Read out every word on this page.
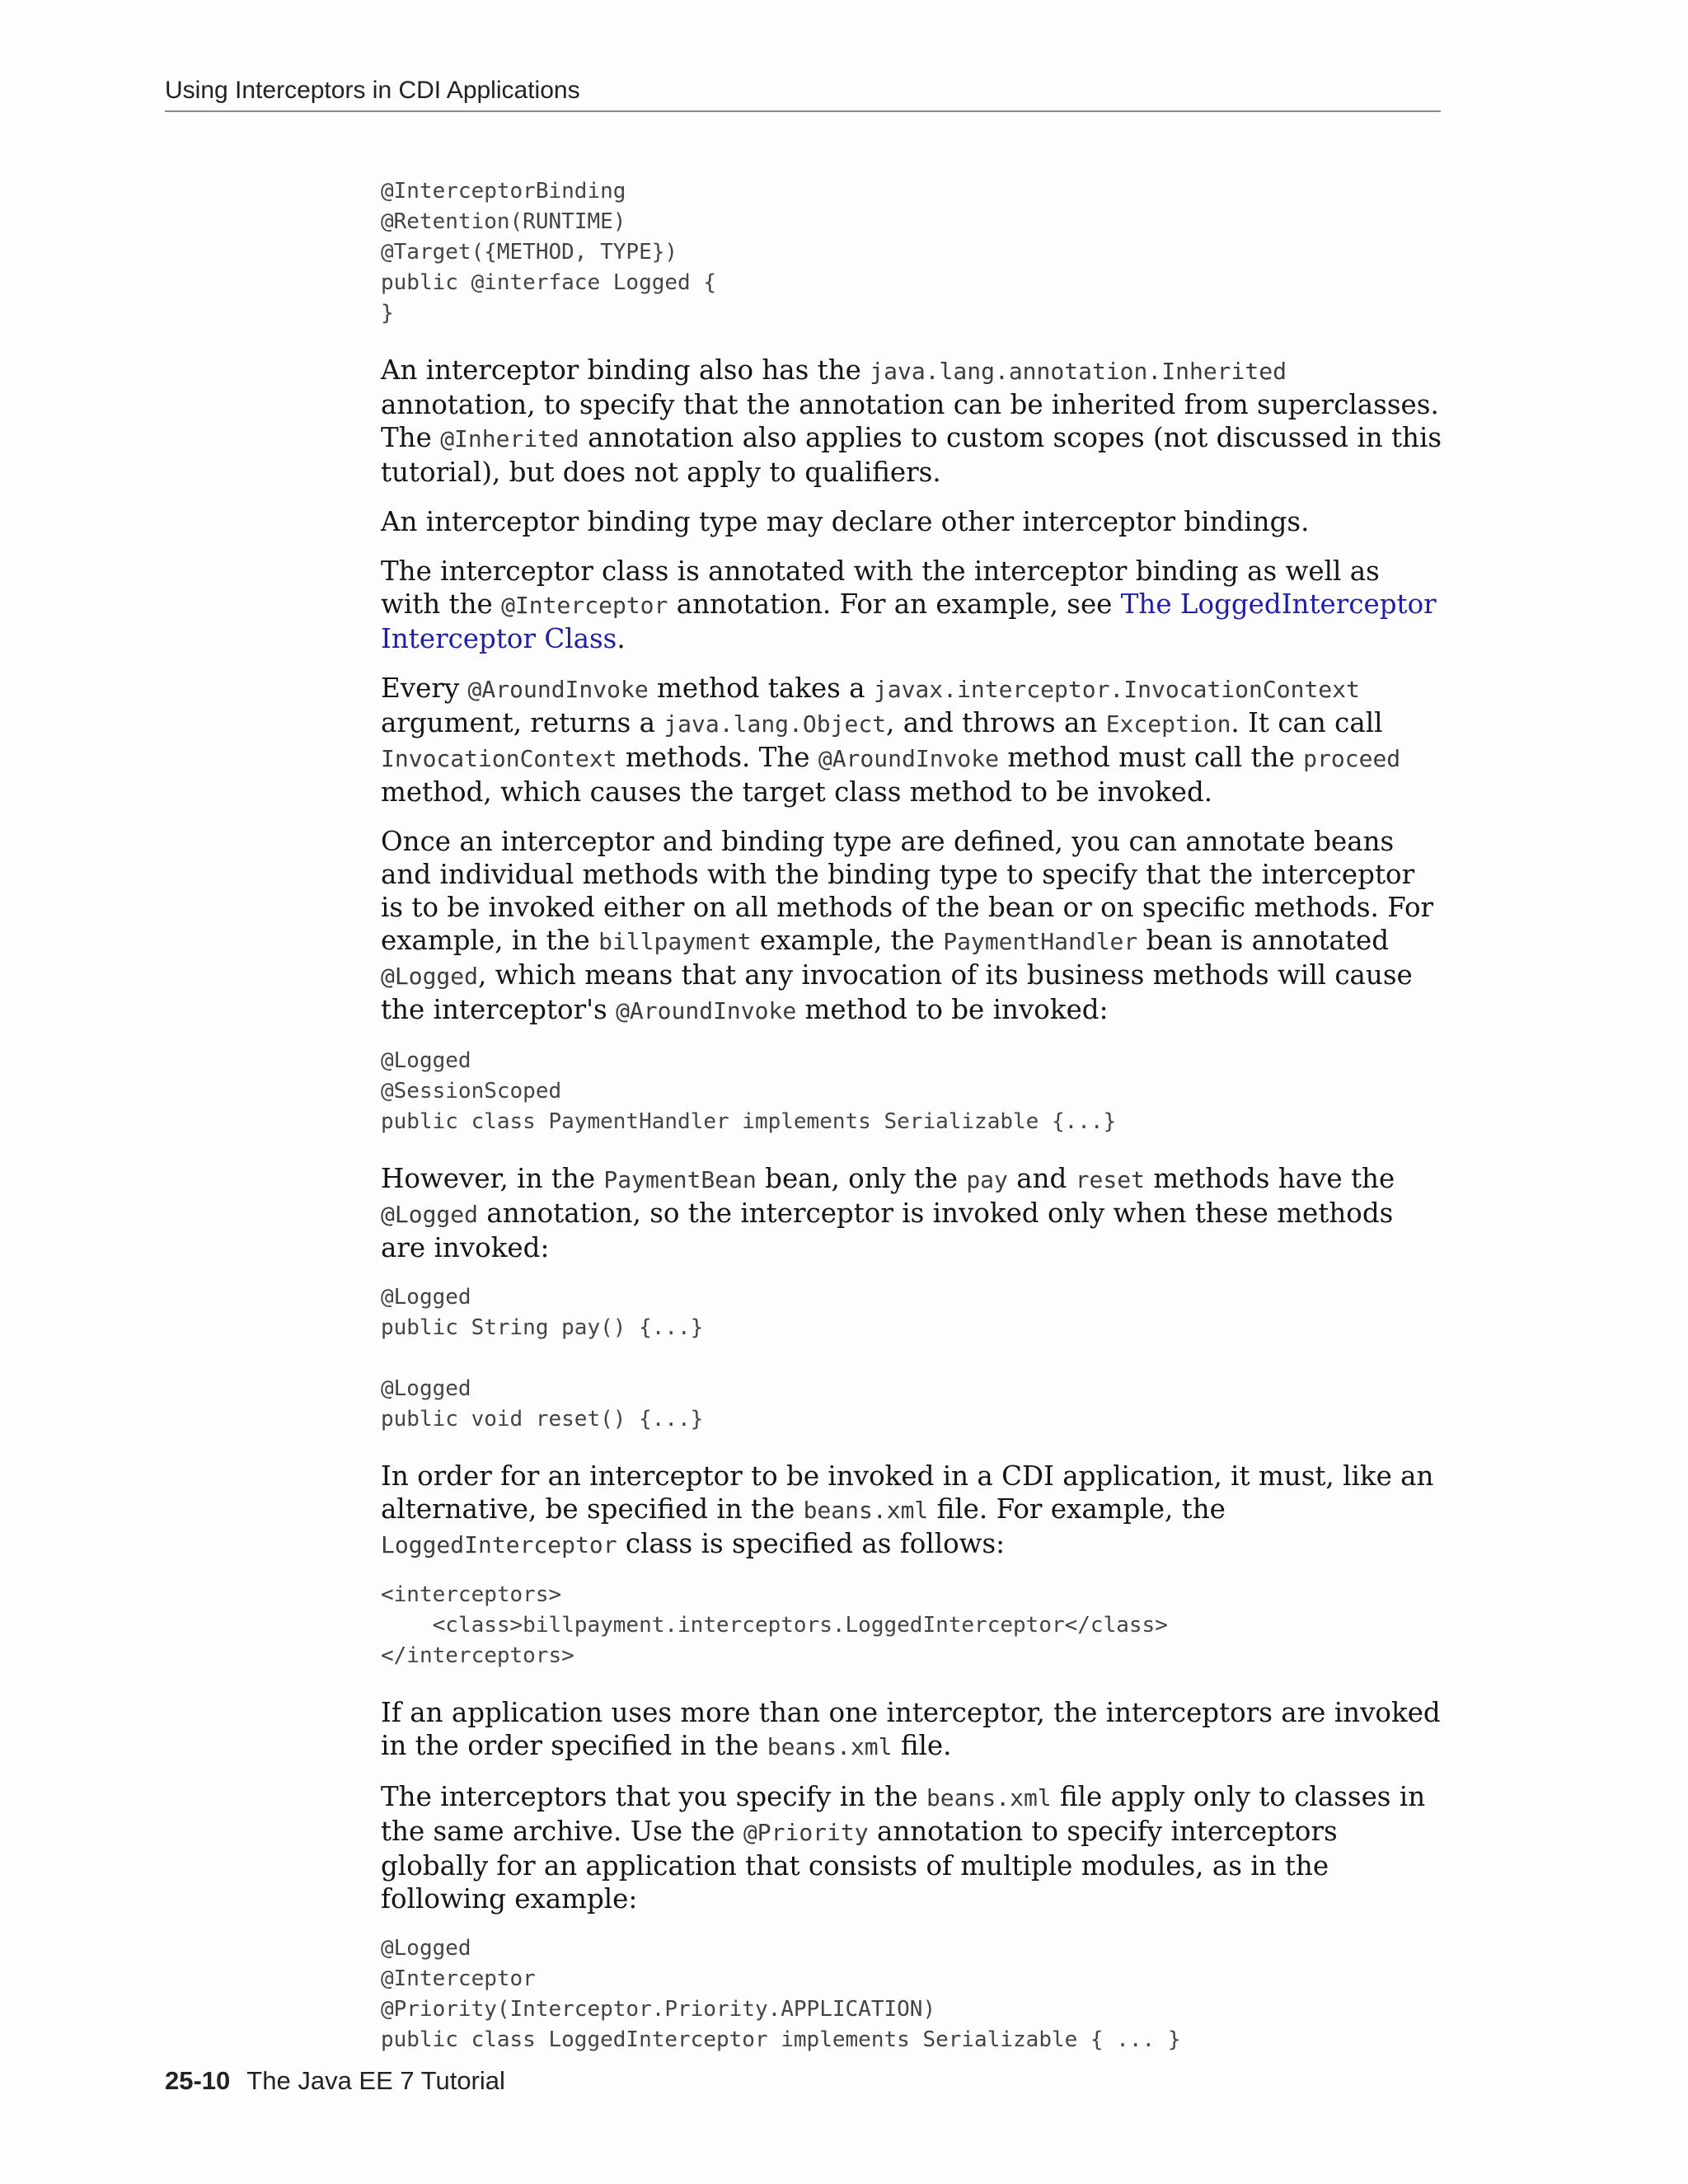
Using Interceptors in CDI Applications
@InterceptorBinding
@Retention(RUNTIME)
@Target({METHOD, TYPE})
public @interface Logged {
}

An interceptor binding also has the java.lang.annotation.Inherited annotation, to specify that the annotation can be inherited from superclasses. The @Inherited annotation also applies to custom scopes (not discussed in this tutorial), but does not apply to qualifiers.

An interceptor binding type may declare other interceptor bindings.

The interceptor class is annotated with the interceptor binding as well as with the @Interceptor annotation. For an example, see The LoggedInterceptor Interceptor Class.

Every @AroundInvoke method takes a javax.interceptor.InvocationContext argument, returns a java.lang.Object, and throws an Exception. It can call InvocationContext methods. The @AroundInvoke method must call the proceed method, which causes the target class method to be invoked.

Once an interceptor and binding type are defined, you can annotate beans and individual methods with the binding type to specify that the interceptor is to be invoked either on all methods of the bean or on specific methods. For example, in the billpayment example, the PaymentHandler bean is annotated @Logged, which means that any invocation of its business methods will cause the interceptor's @AroundInvoke method to be invoked:

@Logged
@SessionScoped
public class PaymentHandler implements Serializable {...}

However, in the PaymentBean bean, only the pay and reset methods have the @Logged annotation, so the interceptor is invoked only when these methods are invoked:

@Logged
public String pay() {...}

@Logged
public void reset() {...}

In order for an interceptor to be invoked in a CDI application, it must, like an alternative, be specified in the beans.xml file. For example, the LoggedInterceptor class is specified as follows:

<interceptors>
<class>billpayment.interceptors.LoggedInterceptor</class>
</interceptors>

If an application uses more than one interceptor, the interceptors are invoked in the order specified in the beans.xml file.

The interceptors that you specify in the beans.xml file apply only to classes in the same archive. Use the @Priority annotation to specify interceptors globally for an application that consists of multiple modules, as in the following example:

@Logged
@Interceptor
@Priority(Interceptor.Priority.APPLICATION)
public class LoggedInterceptor implements Serializable { ... }
25-10 The Java EE 7 Tutorial
